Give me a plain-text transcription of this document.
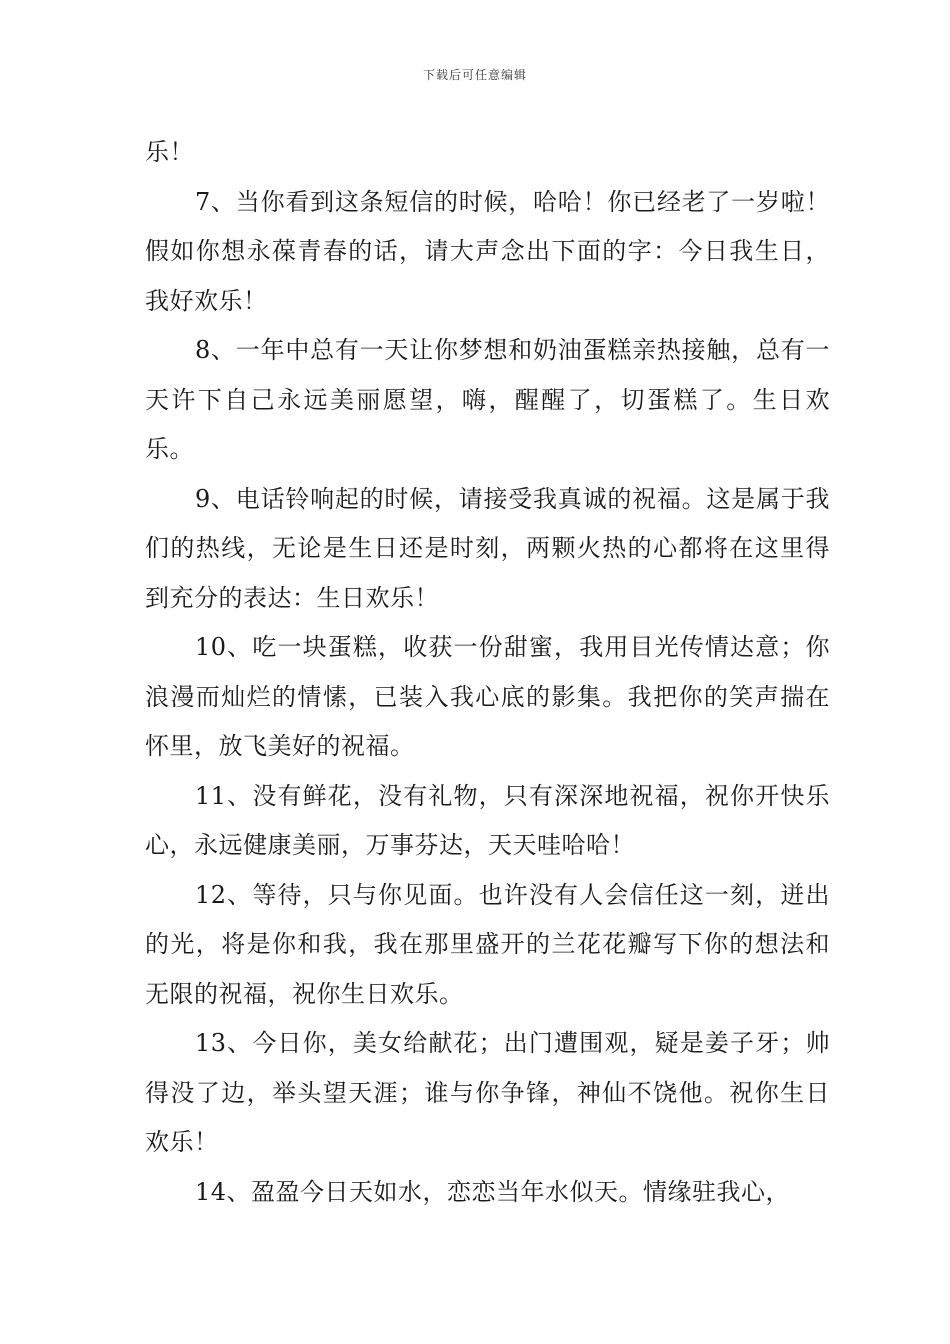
下载后可任意编辑

乐！

7、当你看到这条短信的时候，哈哈！你已经老了一岁啦！假如你想永葆青春的话，请大声念出下面的字：今日我生日，我好欢乐！

8、一年中总有一天让你梦想和奶油蛋糕亲热接触，总有一天许下自己永远美丽愿望，嗨，醒醒了，切蛋糕了。生日欢乐。

9、电话铃响起的时候，请接受我真诚的祝福。这是属于我们的热线，无论是生日还是时刻，两颗火热的心都将在这里得到充分的表达：生日欢乐！

10、吃一块蛋糕，收获一份甜蜜，我用目光传情达意；你浪漫而灿烂的情愫，已装入我心底的影集。我把你的笑声揣在怀里，放飞美好的祝福。

11、没有鲜花，没有礼物，只有深深地祝福，祝你开快乐心，永远健康美丽，万事芬达，天天哇哈哈！

12、等待，只与你见面。也许没有人会信任这一刻，迸出的光，将是你和我，我在那里盛开的兰花花瓣写下你的想法和无限的祝福，祝你生日欢乐。

13、今日你，美女给献花；出门遭围观，疑是姜子牙；帅得没了边，举头望天涯；谁与你争锋，神仙不饶他。祝你生日欢乐！

14、盈盈今日天如水，恋恋当年水似天。情缘驻我心，
